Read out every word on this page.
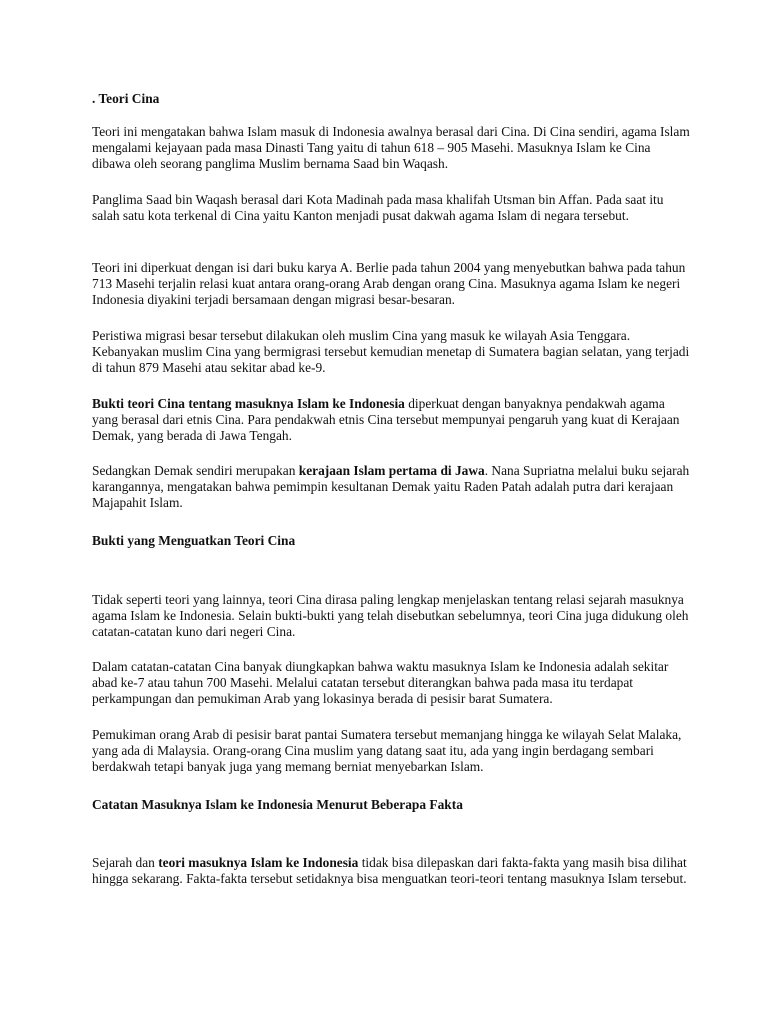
. Teori Cina

Teori ini mengatakan bahwa Islam masuk di Indonesia awalnya berasal dari Cina. Di Cina sendiri, agama Islam mengalami kejayaan pada masa Dinasti Tang yaitu di tahun 618 – 905 Masehi. Masuknya Islam ke Cina dibawa oleh seorang panglima Muslim bernama Saad bin Waqash.

Panglima Saad bin Waqash berasal dari Kota Madinah pada masa khalifah Utsman bin Affan. Pada saat itu salah satu kota terkenal di Cina yaitu Kanton menjadi pusat dakwah agama Islam di negara tersebut.

Teori ini diperkuat dengan isi dari buku karya A. Berlie pada tahun 2004 yang menyebutkan bahwa pada tahun 713 Masehi terjalin relasi kuat antara orang-orang Arab dengan orang Cina. Masuknya agama Islam ke negeri Indonesia diyakini terjadi bersamaan dengan migrasi besar-besaran.

Peristiwa migrasi besar tersebut dilakukan oleh muslim Cina yang masuk ke wilayah Asia Tenggara. Kebanyakan muslim Cina yang bermigrasi tersebut kemudian menetap di Sumatera bagian selatan, yang terjadi di tahun 879 Masehi atau sekitar abad ke-9.

Bukti teori Cina tentang masuknya Islam ke Indonesia diperkuat dengan banyaknya pendakwah agama yang berasal dari etnis Cina. Para pendakwah etnis Cina tersebut mempunyai pengaruh yang kuat di Kerajaan Demak, yang berada di Jawa Tengah.

Sedangkan Demak sendiri merupakan kerajaan Islam pertama di Jawa. Nana Supriatna melalui buku sejarah karangannya, mengatakan bahwa pemimpin kesultanan Demak yaitu Raden Patah adalah putra dari kerajaan Majapahit Islam.

Bukti yang Menguatkan Teori Cina

Tidak seperti teori yang lainnya, teori Cina dirasa paling lengkap menjelaskan tentang relasi sejarah masuknya agama Islam ke Indonesia. Selain bukti-bukti yang telah disebutkan sebelumnya, teori Cina juga didukung oleh catatan-catatan kuno dari negeri Cina.

Dalam catatan-catatan Cina banyak diungkapkan bahwa waktu masuknya Islam ke Indonesia adalah sekitar abad ke-7 atau tahun 700 Masehi. Melalui catatan tersebut diterangkan bahwa pada masa itu terdapat perkampungan dan pemukiman Arab yang lokasinya berada di pesisir barat Sumatera.

Pemukiman orang Arab di pesisir barat pantai Sumatera tersebut memanjang hingga ke wilayah Selat Malaka, yang ada di Malaysia. Orang-orang Cina muslim yang datang saat itu, ada yang ingin berdagang sembari berdakwah tetapi banyak juga yang memang berniat menyebarkan Islam.

Catatan Masuknya Islam ke Indonesia Menurut Beberapa Fakta

Sejarah dan teori masuknya Islam ke Indonesia tidak bisa dilepaskan dari fakta-fakta yang masih bisa dilihat hingga sekarang. Fakta-fakta tersebut setidaknya bisa menguatkan teori-teori tentang masuknya Islam tersebut.
